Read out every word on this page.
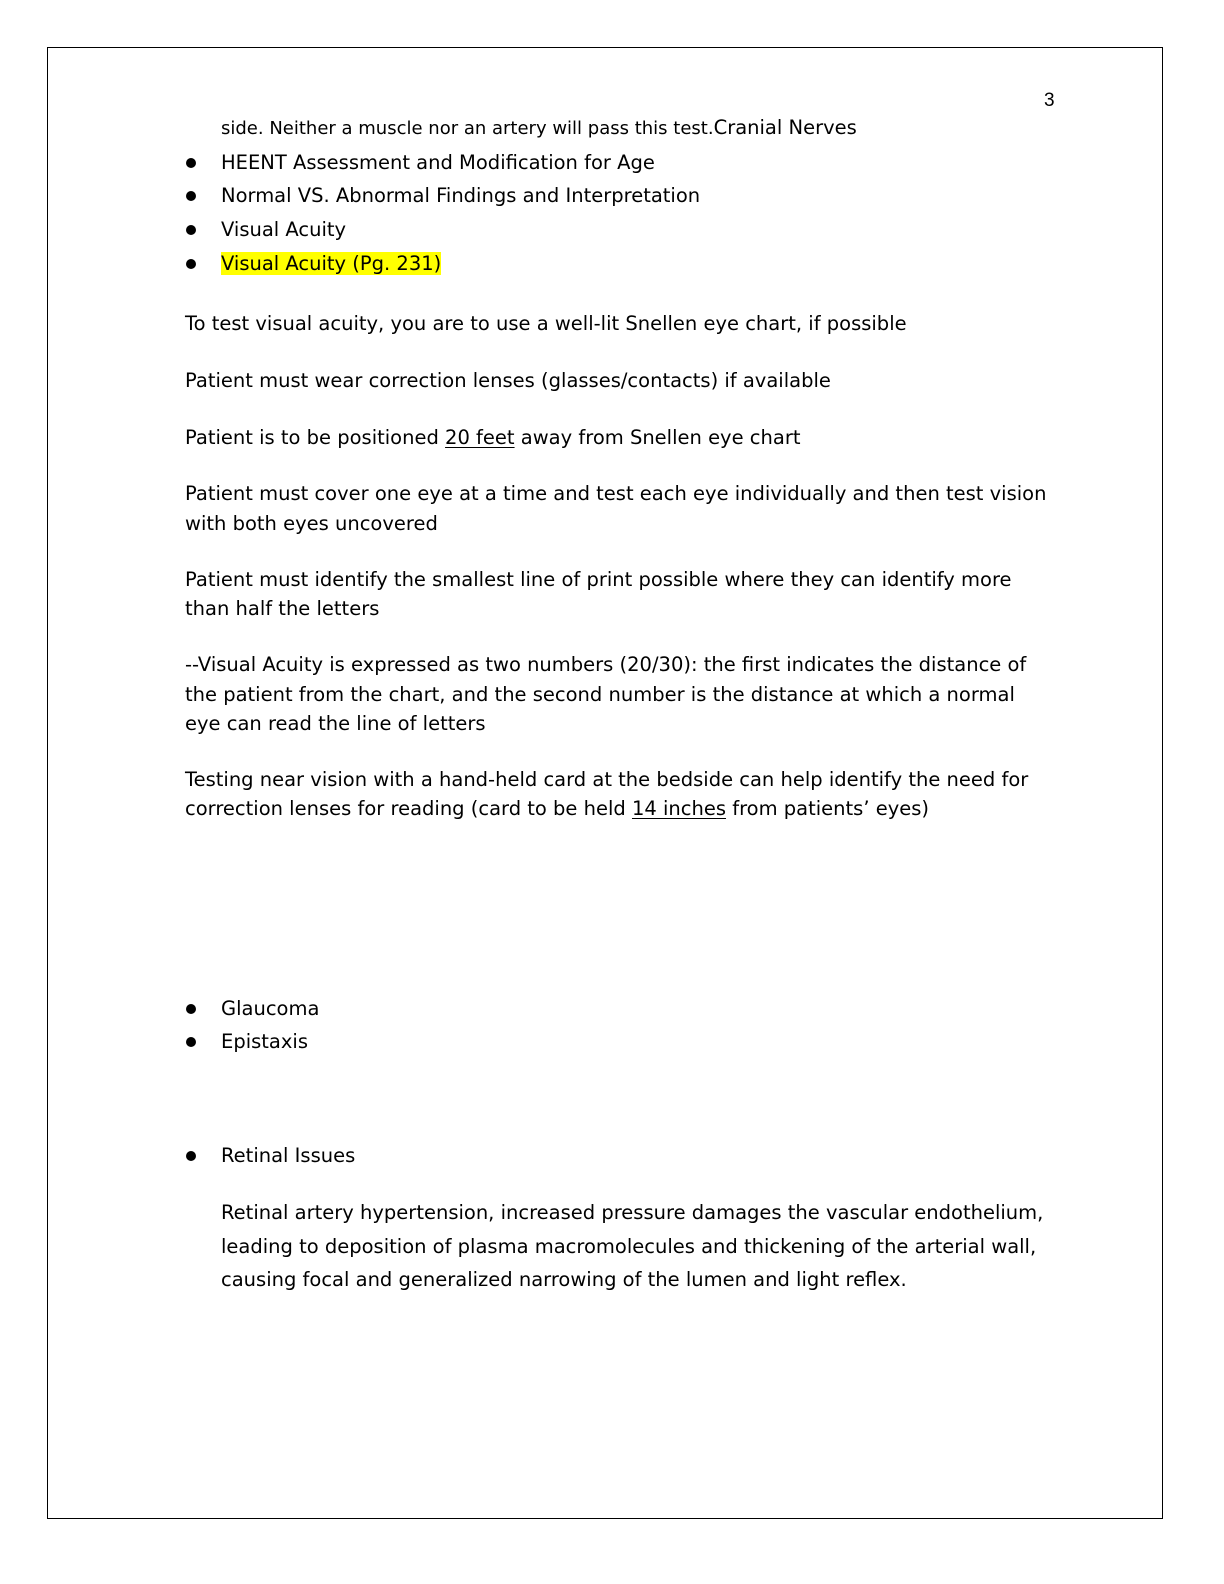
3
side. Neither a muscle nor an artery will pass this test.Cranial Nerves
HEENT Assessment and Modification for Age
Normal VS. Abnormal Findings and Interpretation
Visual Acuity
Visual Acuity (Pg. 231)
To test visual acuity, you are to use a well-lit Snellen eye chart, if possible
Patient must wear correction lenses (glasses/contacts) if available
Patient is to be positioned 20 feet away from Snellen eye chart
Patient must cover one eye at a time and test each eye individually and then test vision
with both eyes uncovered
Patient must identify the smallest line of print possible where they can identify more
than half the letters
--Visual Acuity is expressed as two numbers (20/30): the first indicates the distance of
the patient from the chart, and the second number is the distance at which a normal
eye can read the line of letters
Testing near vision with a hand-held card at the bedside can help identify the need for
correction lenses for reading (card to be held 14 inches from patients’ eyes)
Glaucoma
Epistaxis
Retinal Issues
Retinal artery hypertension, increased pressure damages the vascular endothelium,
leading to deposition of plasma macromolecules and thickening of the arterial wall,
causing focal and generalized narrowing of the lumen and light reflex.
